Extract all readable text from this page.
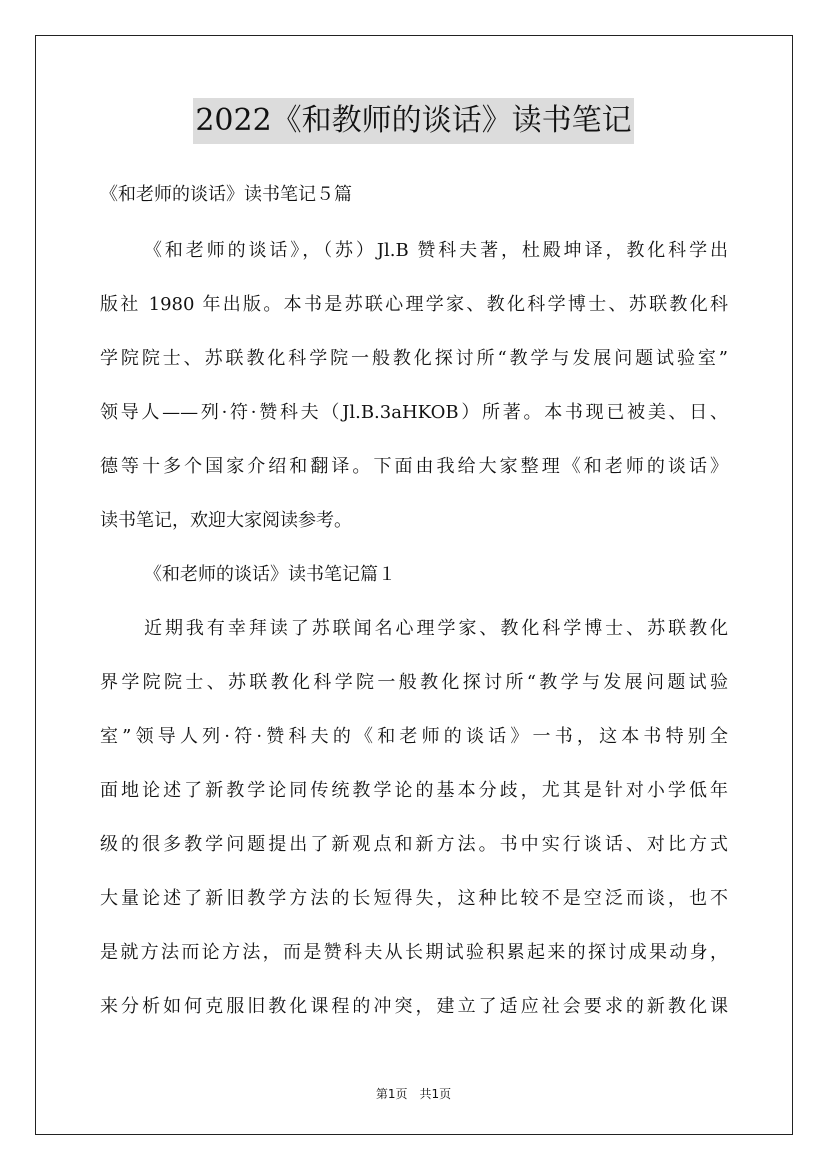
2022《和教师的谈话》读书笔记
《和老师的谈话》读书笔记５篇
《和老师的谈话》，（苏）Jl.B 赞科夫著，杜殿坤译，教化科学出
版社 1980 年出版。本书是苏联心理学家、教化科学博士、苏联教化科
学院院士、苏联教化科学院一般教化探讨所“教学与发展问题试验室”
领导人——列·符·赞科夫（Jl.B.3aHKOB）所著。本书现已被美、日、
德等十多个国家介绍和翻译。下面由我给大家整理《和老师的谈话》
读书笔记，欢迎大家阅读参考。
《和老师的谈话》读书笔记篇１
近期我有幸拜读了苏联闻名心理学家、教化科学博士、苏联教化
界学院院士、苏联教化科学院一般教化探讨所“教学与发展问题试验
室”领导人列·符·赞科夫的《和老师的谈话》一书，这本书特别全
面地论述了新教学论同传统教学论的基本分歧，尤其是针对小学低年
级的很多教学问题提出了新观点和新方法。书中实行谈话、对比方式
大量论述了新旧教学方法的长短得失，这种比较不是空泛而谈，也不
是就方法而论方法，而是赞科夫从长期试验积累起来的探讨成果动身，
来分析如何克服旧教化课程的冲突，建立了适应社会要求的新教化课
第1页　共1页
